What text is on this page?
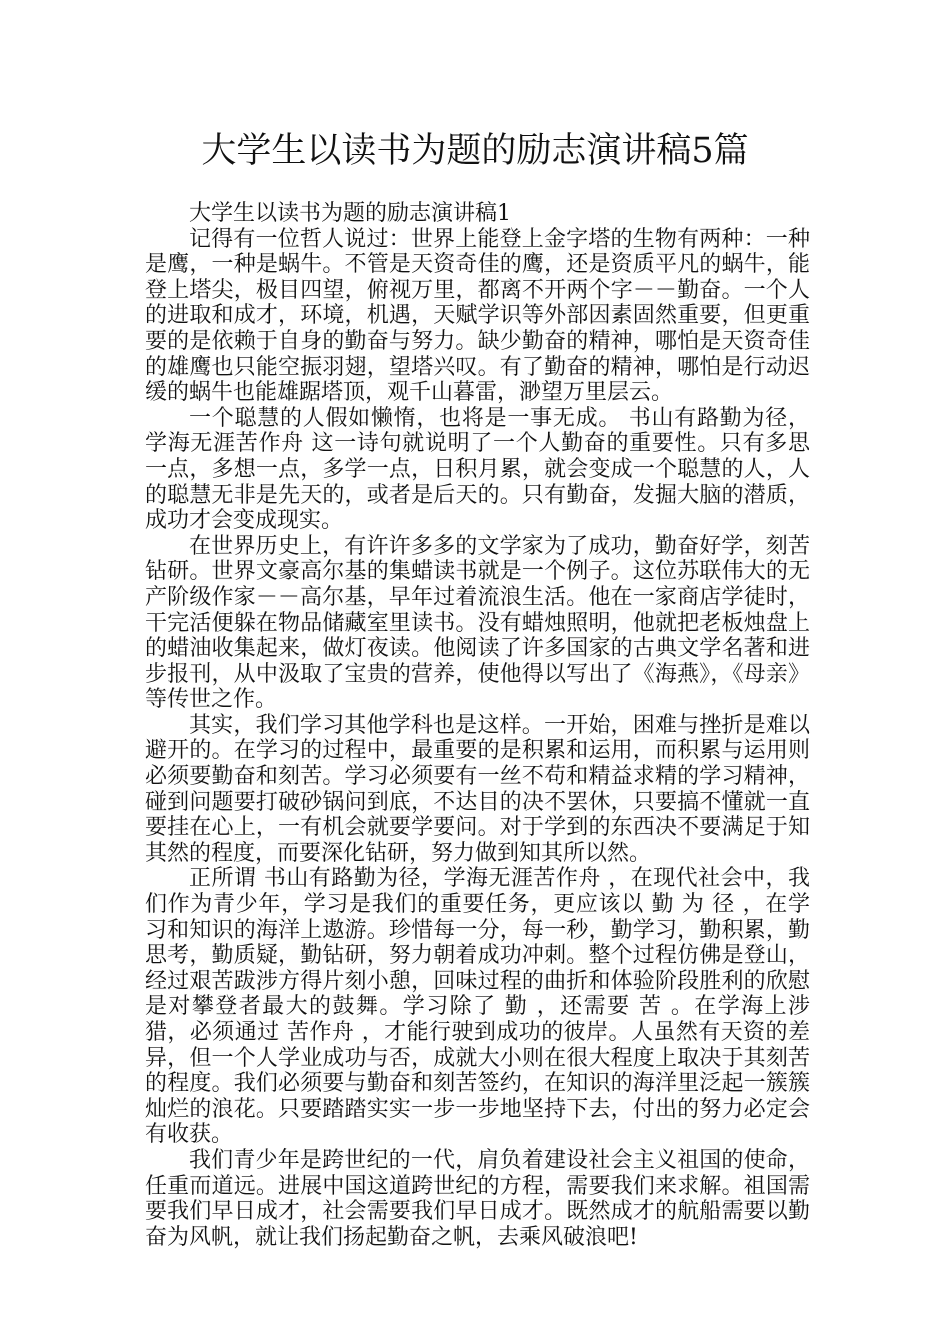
大学生以读书为题的励志演讲稿5篇

大学生以读书为题的励志演讲稿1

记得有一位哲人说过：世界上能登上金字塔的生物有两种：一种是鹰，一种是蜗牛。不管是天资奇佳的鹰，还是资质平凡的蜗牛，能登上塔尖，极目四望，俯视万里，都离不开两个字－－勤奋。一个人的进取和成才，环境，机遇，天赋学识等外部因素固然重要，但更重要的是依赖于自身的勤奋与努力。缺少勤奋的精神，哪怕是天资奇佳的雄鹰也只能空振羽翅，望塔兴叹。有了勤奋的精神，哪怕是行动迟缓的蜗牛也能雄踞塔顶，观千山暮雷，渺望万里层云。

一个聪慧的人假如懒惰，也将是一事无成。 书山有路勤为径，学海无涯苦作舟 这一诗句就说明了一个人勤奋的重要性。只有多思一点，多想一点，多学一点，日积月累，就会变成一个聪慧的人，人的聪慧无非是先天的，或者是后天的。只有勤奋，发掘大脑的潜质，成功才会变成现实。

在世界历史上，有许许多多的文学家为了成功，勤奋好学，刻苦钻研。世界文豪高尔基的集蜡读书就是一个例子。这位苏联伟大的无产阶级作家－－高尔基，早年过着流浪生活。他在一家商店学徒时，干完活便躲在物品储藏室里读书。没有蜡烛照明，他就把老板烛盘上的蜡油收集起来，做灯夜读。他阅读了许多国家的古典文学名著和进步报刊，从中汲取了宝贵的营养，使他得以写出了《海燕》，《母亲》等传世之作。

其实，我们学习其他学科也是这样。一开始，困难与挫折是难以避开的。在学习的过程中，最重要的是积累和运用，而积累与运用则必须要勤奋和刻苦。学习必须要有一丝不苟和精益求精的学习精神，碰到问题要打破砂锅问到底，不达目的决不罢休，只要搞不懂就一直要挂在心上，一有机会就要学要问。对于学到的东西决不要满足于知其然的程度，而要深化钻研，努力做到知其所以然。

正所谓 书山有路勤为径，学海无涯苦作舟 ，在现代社会中，我们作为青少年，学习是我们的重要任务，更应该以 勤 为 径 ，在学习和知识的海洋上遨游。珍惜每一分，每一秒，勤学习，勤积累，勤思考，勤质疑，勤钻研，努力朝着成功冲刺。整个过程仿佛是登山，经过艰苦跋涉方得片刻小憩，回味过程的曲折和体验阶段胜利的欣慰是对攀登者最大的鼓舞。学习除了 勤 ，还需要 苦 。在学海上涉猎，必须通过 苦作舟 ，才能行驶到成功的彼岸。人虽然有天资的差异，但一个人学业成功与否，成就大小则在很大程度上取决于其刻苦的程度。我们必须要与勤奋和刻苦签约，在知识的海洋里泛起一簇簇灿烂的浪花。只要踏踏实实一步一步地坚持下去，付出的努力必定会有收获。

我们青少年是跨世纪的一代，肩负着建设社会主义祖国的使命，任重而道远。进展中国这道跨世纪的方程，需要我们来求解。祖国需要我们早日成才，社会需要我们早日成才。既然成才的航船需要以勤奋为风帆，就让我们扬起勤奋之帆，去乘风破浪吧!
